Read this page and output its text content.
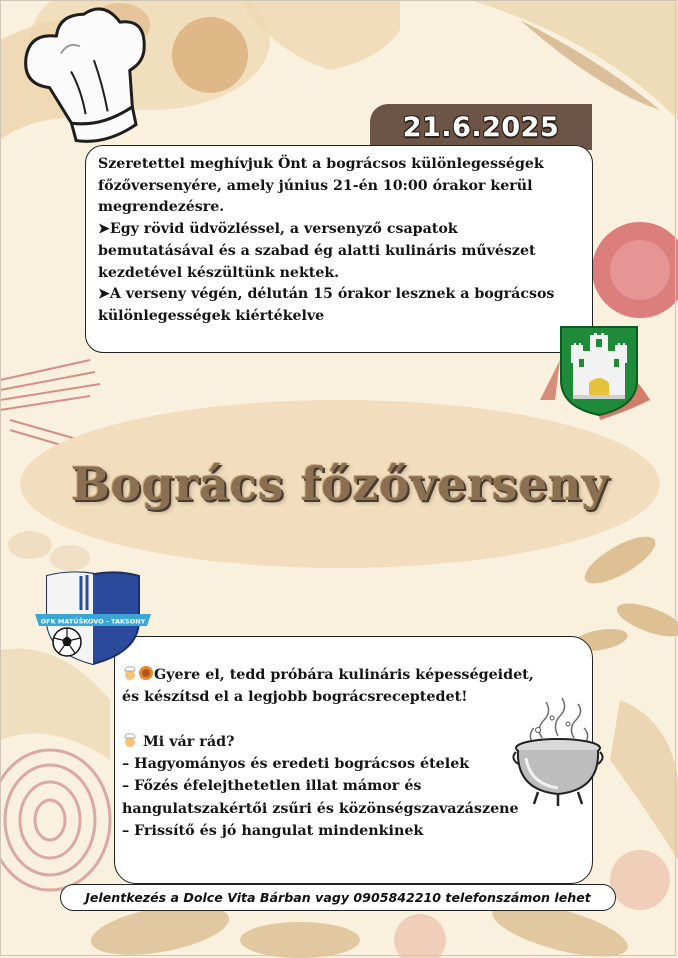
21.6.2025

Szeretettel meghívjuk Önt a bográcsos különlegességek

főzőversenyére, amely június 21-én 10:00 órakor kerül

megrendezésre.

➤Egy rövid üdvözléssel, a versenyző csapatok

bemutatásával és a szabad ég alatti kulináris művészet

kezdetével készültünk nektek.

➤A verseny végén, délután 15 órakor lesznek a bográcsos

különlegességek kiértékelve

Bogrács főzőverseny
OFK MATÚŠKOVO - TAKSONY
Gyere el, tedd próbára kulináris képességeidet,
és készítsd el a legjobb bográcsreceptedet!
Mi vár rád?
– Hagyományos és eredeti bográcsos ételek
– Főzés éfelejthetetlen illat mámor és
hangulatszakértői zsűri és közönségszavazászene
– Frissítő és jó hangulat mindenkinek
Jelentkezés a Dolce Vita Bárban vagy 0905842210 telefonszámon lehet
